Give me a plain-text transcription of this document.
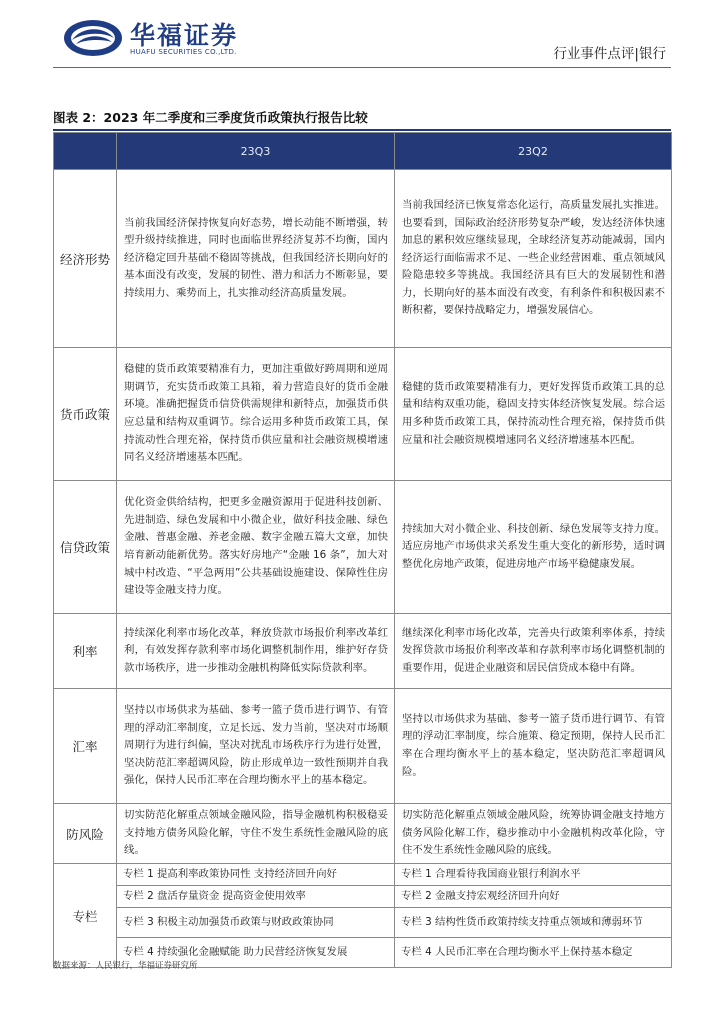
华福证券
HUAFU SECURITIES CO.,LTD.	行业事件点评|银行
图表 2：2023 年二季度和三季度货币政策执行报告比较
	23Q3	23Q2
经济形势	当前我国经济保持恢复向好态势，增长动能不断增强，转型升级持续推进，同时也面临世界经济复苏不均衡，国内经济稳定回升基础不稳固等挑战，但我国经济长期向好的基本面没有改变，发展的韧性、潜力和活力不断彰显，要持续用力、乘势而上，扎实推动经济高质量发展。	当前我国经济已恢复常态化运行，高质量发展扎实推进。也要看到，国际政治经济形势复杂严峻，发达经济体快速加息的累积效应继续显现，全球经济复苏动能减弱，国内经济运行面临需求不足、一些企业经营困难、重点领域风险隐患较多等挑战。我国经济具有巨大的发展韧性和潜力，长期向好的基本面没有改变，有利条件和积极因素不断积蓄，要保持战略定力，增强发展信心。
货币政策	稳健的货币政策要精准有力，更加注重做好跨周期和逆周期调节，充实货币政策工具箱，着力营造良好的货币金融环境。准确把握货币信贷供需规律和新特点，加强货币供应总量和结构双重调节。综合运用多种货币政策工具，保持流动性合理充裕，保持货币供应量和社会融资规模增速同名义经济增速基本匹配。	稳健的货币政策要精准有力，更好发挥货币政策工具的总量和结构双重功能，稳固支持实体经济恢复发展。综合运用多种货币政策工具，保持流动性合理充裕，保持货币供应量和社会融资规模增速同名义经济增速基本匹配。
信贷政策	优化资金供给结构，把更多金融资源用于促进科技创新、先进制造、绿色发展和中小微企业，做好科技金融、绿色金融、普惠金融、养老金融、数字金融五篇大文章，加快培育新动能新优势。落实好房地产“金融 16 条”，加大对城中村改造、“平急两用”公共基础设施建设、保障性住房建设等金融支持力度。	持续加大对小微企业、科技创新、绿色发展等支持力度。适应房地产市场供求关系发生重大变化的新形势，适时调整优化房地产政策，促进房地产市场平稳健康发展。
利率	持续深化利率市场化改革，释放贷款市场报价利率改革红利，有效发挥存款利率市场化调整机制作用，维护好存贷款市场秩序，进一步推动金融机构降低实际贷款利率。	继续深化利率市场化改革，完善央行政策利率体系，持续发挥贷款市场报价利率改革和存款利率市场化调整机制的重要作用，促进企业融资和居民信贷成本稳中有降。
汇率	坚持以市场供求为基础、参考一篮子货币进行调节、有管理的浮动汇率制度，立足长远、发力当前，坚决对市场顺周期行为进行纠偏，坚决对扰乱市场秩序行为进行处置，坚决防范汇率超调风险，防止形成单边一致性预期并自我强化，保持人民币汇率在合理均衡水平上的基本稳定。	坚持以市场供求为基础、参考一篮子货币进行调节、有管理的浮动汇率制度，综合施策、稳定预期，保持人民币汇率在合理均衡水平上的基本稳定，坚决防范汇率超调风险。
防风险	切实防范化解重点领域金融风险，指导金融机构积极稳妥支持地方债务风险化解，守住不发生系统性金融风险的底线。	切实防范化解重点领域金融风险，统筹协调金融支持地方债务风险化解工作，稳步推动中小金融机构改革化险，守住不发生系统性金融风险的底线。
专栏	专栏 1 提高利率政策协同性 支持经济回升向好	专栏 1 合理看待我国商业银行利润水平
	专栏 2 盘活存量资金 提高资金使用效率	专栏 2 金融支持宏观经济回升向好
	专栏 3 积极主动加强货币政策与财政政策协同	专栏 3 结构性货币政策持续支持重点领域和薄弱环节
	专栏 4 持续强化金融赋能 助力民营经济恢复发展	专栏 4 人民币汇率在合理均衡水平上保持基本稳定
数据来源：人民银行，华福证券研究所
